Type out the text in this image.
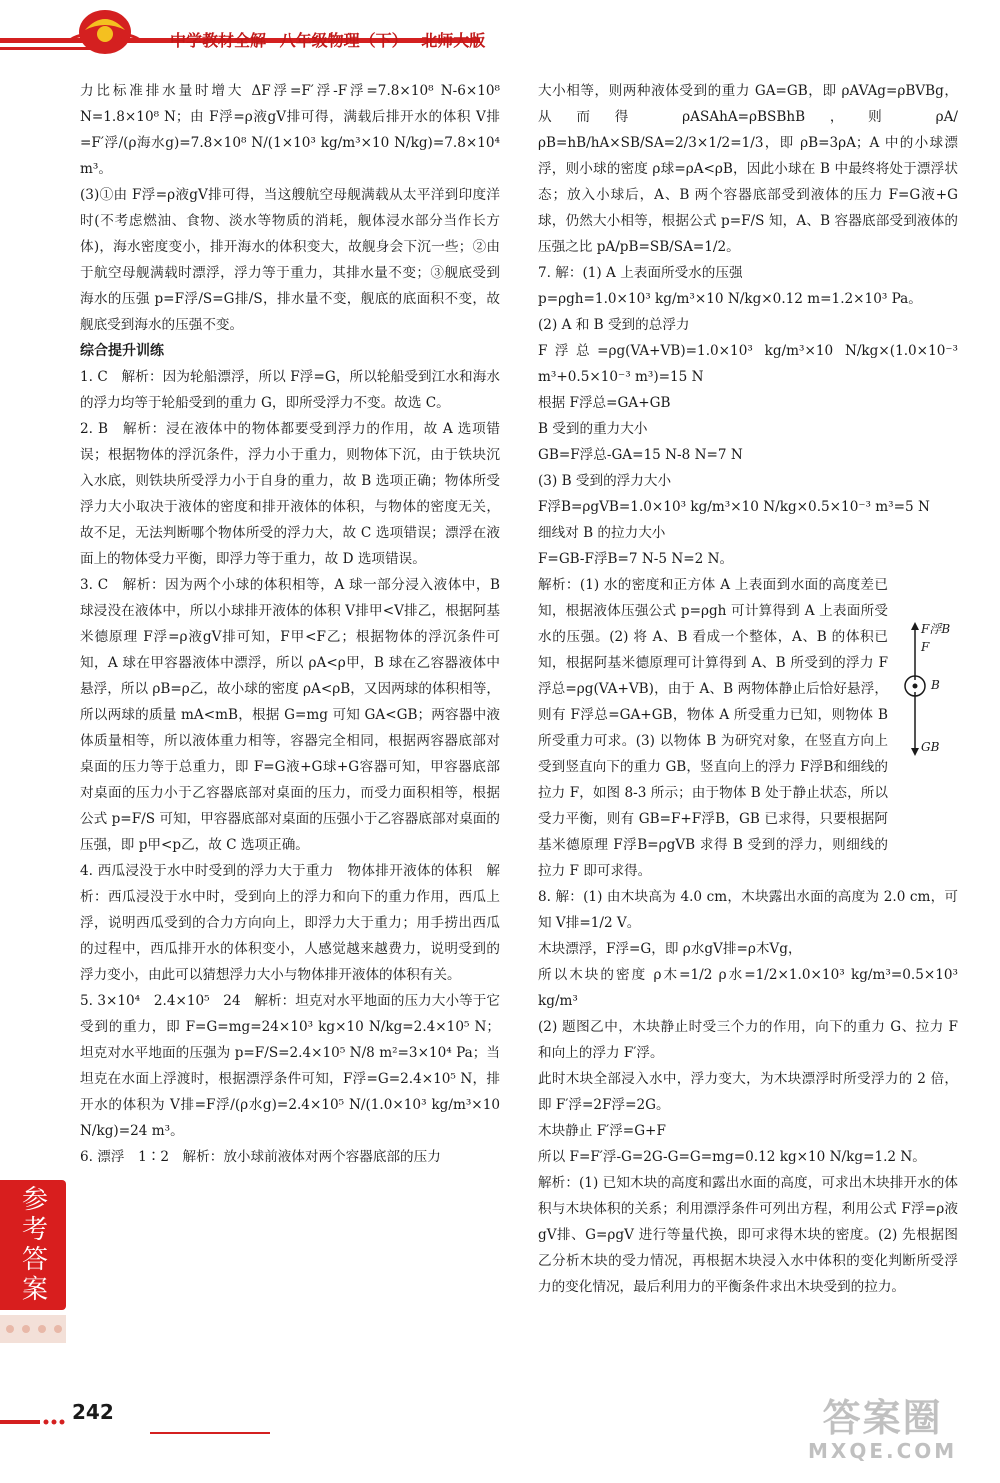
中学教材全解 八年级物理（下） 北师大版

力比标准排水量时增大 ΔF浮=F′浮-F浮=7.8×10⁸ N-6×10⁸ N=1.8×10⁸ N；由 F浮=ρ液gV排可得，满载后排开水的体积 V排=F′浮/(ρ海水g)=7.8×10⁸ N/(1×10³ kg/m³×10 N/kg)=7.8×10⁴ m³。

(3)①由 F浮=ρ液gV排可得，当这艘航空母舰满载从太平洋到印度洋时(不考虑燃油、食物、淡水等物质的消耗，舰体浸水部分当作长方体)，海水密度变小，排开海水的体积变大，故舰身会下沉一些；②由于航空母舰满载时漂浮，浮力等于重力，其排水量不变；③舰底受到海水的压强 p=F浮/S=G排/S，排水量不变，舰底的底面积不变，故舰底受到海水的压强不变。

综合提升训练

1. C　解析：因为轮船漂浮，所以 F浮=G，所以轮船受到江水和海水的浮力均等于轮船受到的重力 G，即所受浮力不变。故选 C。

2. B　解析：浸在液体中的物体都要受到浮力的作用，故 A 选项错误；根据物体的浮沉条件，浮力小于重力，则物体下沉，由于铁块沉入水底，则铁块所受浮力小于自身的重力，故 B 选项正确；物体所受浮力大小取决于液体的密度和排开液体的体积，与物体的密度无关，故不足，无法判断哪个物体所受的浮力大，故 C 选项错误；漂浮在液面上的物体受力平衡，即浮力等于重力，故 D 选项错误。

3. C　解析：因为两个小球的体积相等，A 球一部分浸入液体中，B 球浸没在液体中，所以小球排开液体的体积 V排甲<V排乙，根据阿基米德原理 F浮=ρ液gV排可知，F甲<F乙；根据物体的浮沉条件可知，A 球在甲容器液体中漂浮，所以 ρA<ρ甲，B 球在乙容器液体中悬浮，所以 ρB=ρ乙，故小球的密度 ρA<ρB，又因两球的体积相等，所以两球的质量 mA<mB，根据 G=mg 可知 GA<GB；两容器中液体质量相等，所以液体重力相等，容器完全相同，根据两容器底部对桌面的压力等于总重力，即 F=G液+G球+G容器可知，甲容器底部对桌面的压力小于乙容器底部对桌面的压力，而受力面积相等，根据公式 p=F/S 可知，甲容器底部对桌面的压强小于乙容器底部对桌面的压强，即 p甲<p乙，故 C 选项正确。

4. 西瓜浸没于水中时受到的浮力大于重力　物体排开液体的体积　解析：西瓜浸没于水中时，受到向上的浮力和向下的重力作用，西瓜上浮，说明西瓜受到的合力方向向上，即浮力大于重力；用手捞出西瓜的过程中，西瓜排开水的体积变小，人感觉越来越费力，说明受到的浮力变小，由此可以猜想浮力大小与物体排开液体的体积有关。

5. 3×10⁴　2.4×10⁵　24　解析：坦克对水平地面的压力大小等于它受到的重力，即 F=G=mg=24×10³ kg×10 N/kg=2.4×10⁵ N；坦克对水平地面的压强为 p=F/S=2.4×10⁵ N/8 m²=3×10⁴ Pa；当坦克在水面上浮渡时，根据漂浮条件可知，F浮=G=2.4×10⁵ N，排开水的体积为 V排=F浮/(ρ水g)=2.4×10⁵ N/(1.0×10³ kg/m³×10 N/kg)=24 m³。

6. 漂浮　1∶2　解析：放小球前液体对两个容器底部的压力

大小相等，则两种液体受到的重力 GA=GB，即 ρAVAg=ρBVBg，从而得 ρASAhA=ρBSBhB，则 ρA/ρB=hB/hA×SB/SA=2/3×1/2=1/3，即 ρB=3ρA；A 中的小球漂浮，则小球的密度 ρ球=ρA<ρB，因此小球在 B 中最终将处于漂浮状态；放入小球后，A、B 两个容器底部受到液体的压力 F=G液+G球，仍然大小相等，根据公式 p=F/S 知，A、B 容器底部受到液体的压强之比 pA/pB=SB/SA=1/2。

7. 解：(1) A 上表面所受水的压强

p=ρgh=1.0×10³ kg/m³×10 N/kg×0.12 m=1.2×10³ Pa。

(2) A 和 B 受到的总浮力

F浮总=ρg(VA+VB)=1.0×10³ kg/m³×10 N/kg×(1.0×10⁻³ m³+0.5×10⁻³ m³)=15 N

根据 F浮总=GA+GB

B 受到的重力大小

GB=F浮总-GA=15 N-8 N=7 N

(3) B 受到的浮力大小

F浮B=ρgVB=1.0×10³ kg/m³×10 N/kg×0.5×10⁻³ m³=5 N

细线对 B 的拉力大小

F=GB-F浮B=7 N-5 N=2 N。

解析：(1) 水的密度和正方体 A 上表面到水面的高度差已知，根据液体压强公式 p=ρgh 可计算得到 A 上表面所受水的压强。(2) 将 A、B 看成一个整体，A、B 的体积已知，根据阿基米德原理可计算得到 A、B 所受到的浮力 F浮总=ρg(VA+VB)，由于 A、B 两物体静止后恰好悬浮，则有 F浮总=GA+GB，物体 A 所受重力已知，则物体 B 所受重力可求。(3) 以物体 B 为研究对象，在竖直方向上受到竖直向下的重力 GB，竖直向上的浮力 F浮B和细线的拉力 F，如图 8-3 所示；由于物体 B 处于静止状态，所以受力平衡，则有 GB=F+F浮B，GB 已求得，只要根据阿基米德原理 F浮B=ρgVB 求得 B 受到的浮力，则细线的拉力 F 即可求得。

8. 解：(1) 由木块高为 4.0 cm，木块露出水面的高度为 2.0 cm，可知 V排=1/2 V。

木块漂浮，F浮=G，即 ρ水gV排=ρ木Vg，

所以木块的密度 ρ木=1/2 ρ水=1/2×1.0×10³ kg/m³=0.5×10³ kg/m³

(2) 题图乙中，木块静止时受三个力的作用，向下的重力 G、拉力 F 和向上的浮力 F′浮。

此时木块全部浸入水中，浮力变大，为木块漂浮时所受浮力的 2 倍，即 F′浮=2F浮=2G。

木块静止 F′浮=G+F

所以 F=F′浮-G=2G-G=G=mg=0.12 kg×10 N/kg=1.2 N。

解析：(1) 已知木块的高度和露出水面的高度，可求出木块排开水的体积与木块体积的关系；利用漂浮条件可列出方程，利用公式 F浮=ρ液gV排、G=ρgV 进行等量代换，即可求得木块的密度。(2) 先根据图乙分析木块的受力情况，再根据木块浸入水中体积的变化判断所受浮力的变化情况，最后利用力的平衡条件求出木块受到的拉力。

F浮B
F
B
GB
参考答案
242	答案圈
MXQE.COM
